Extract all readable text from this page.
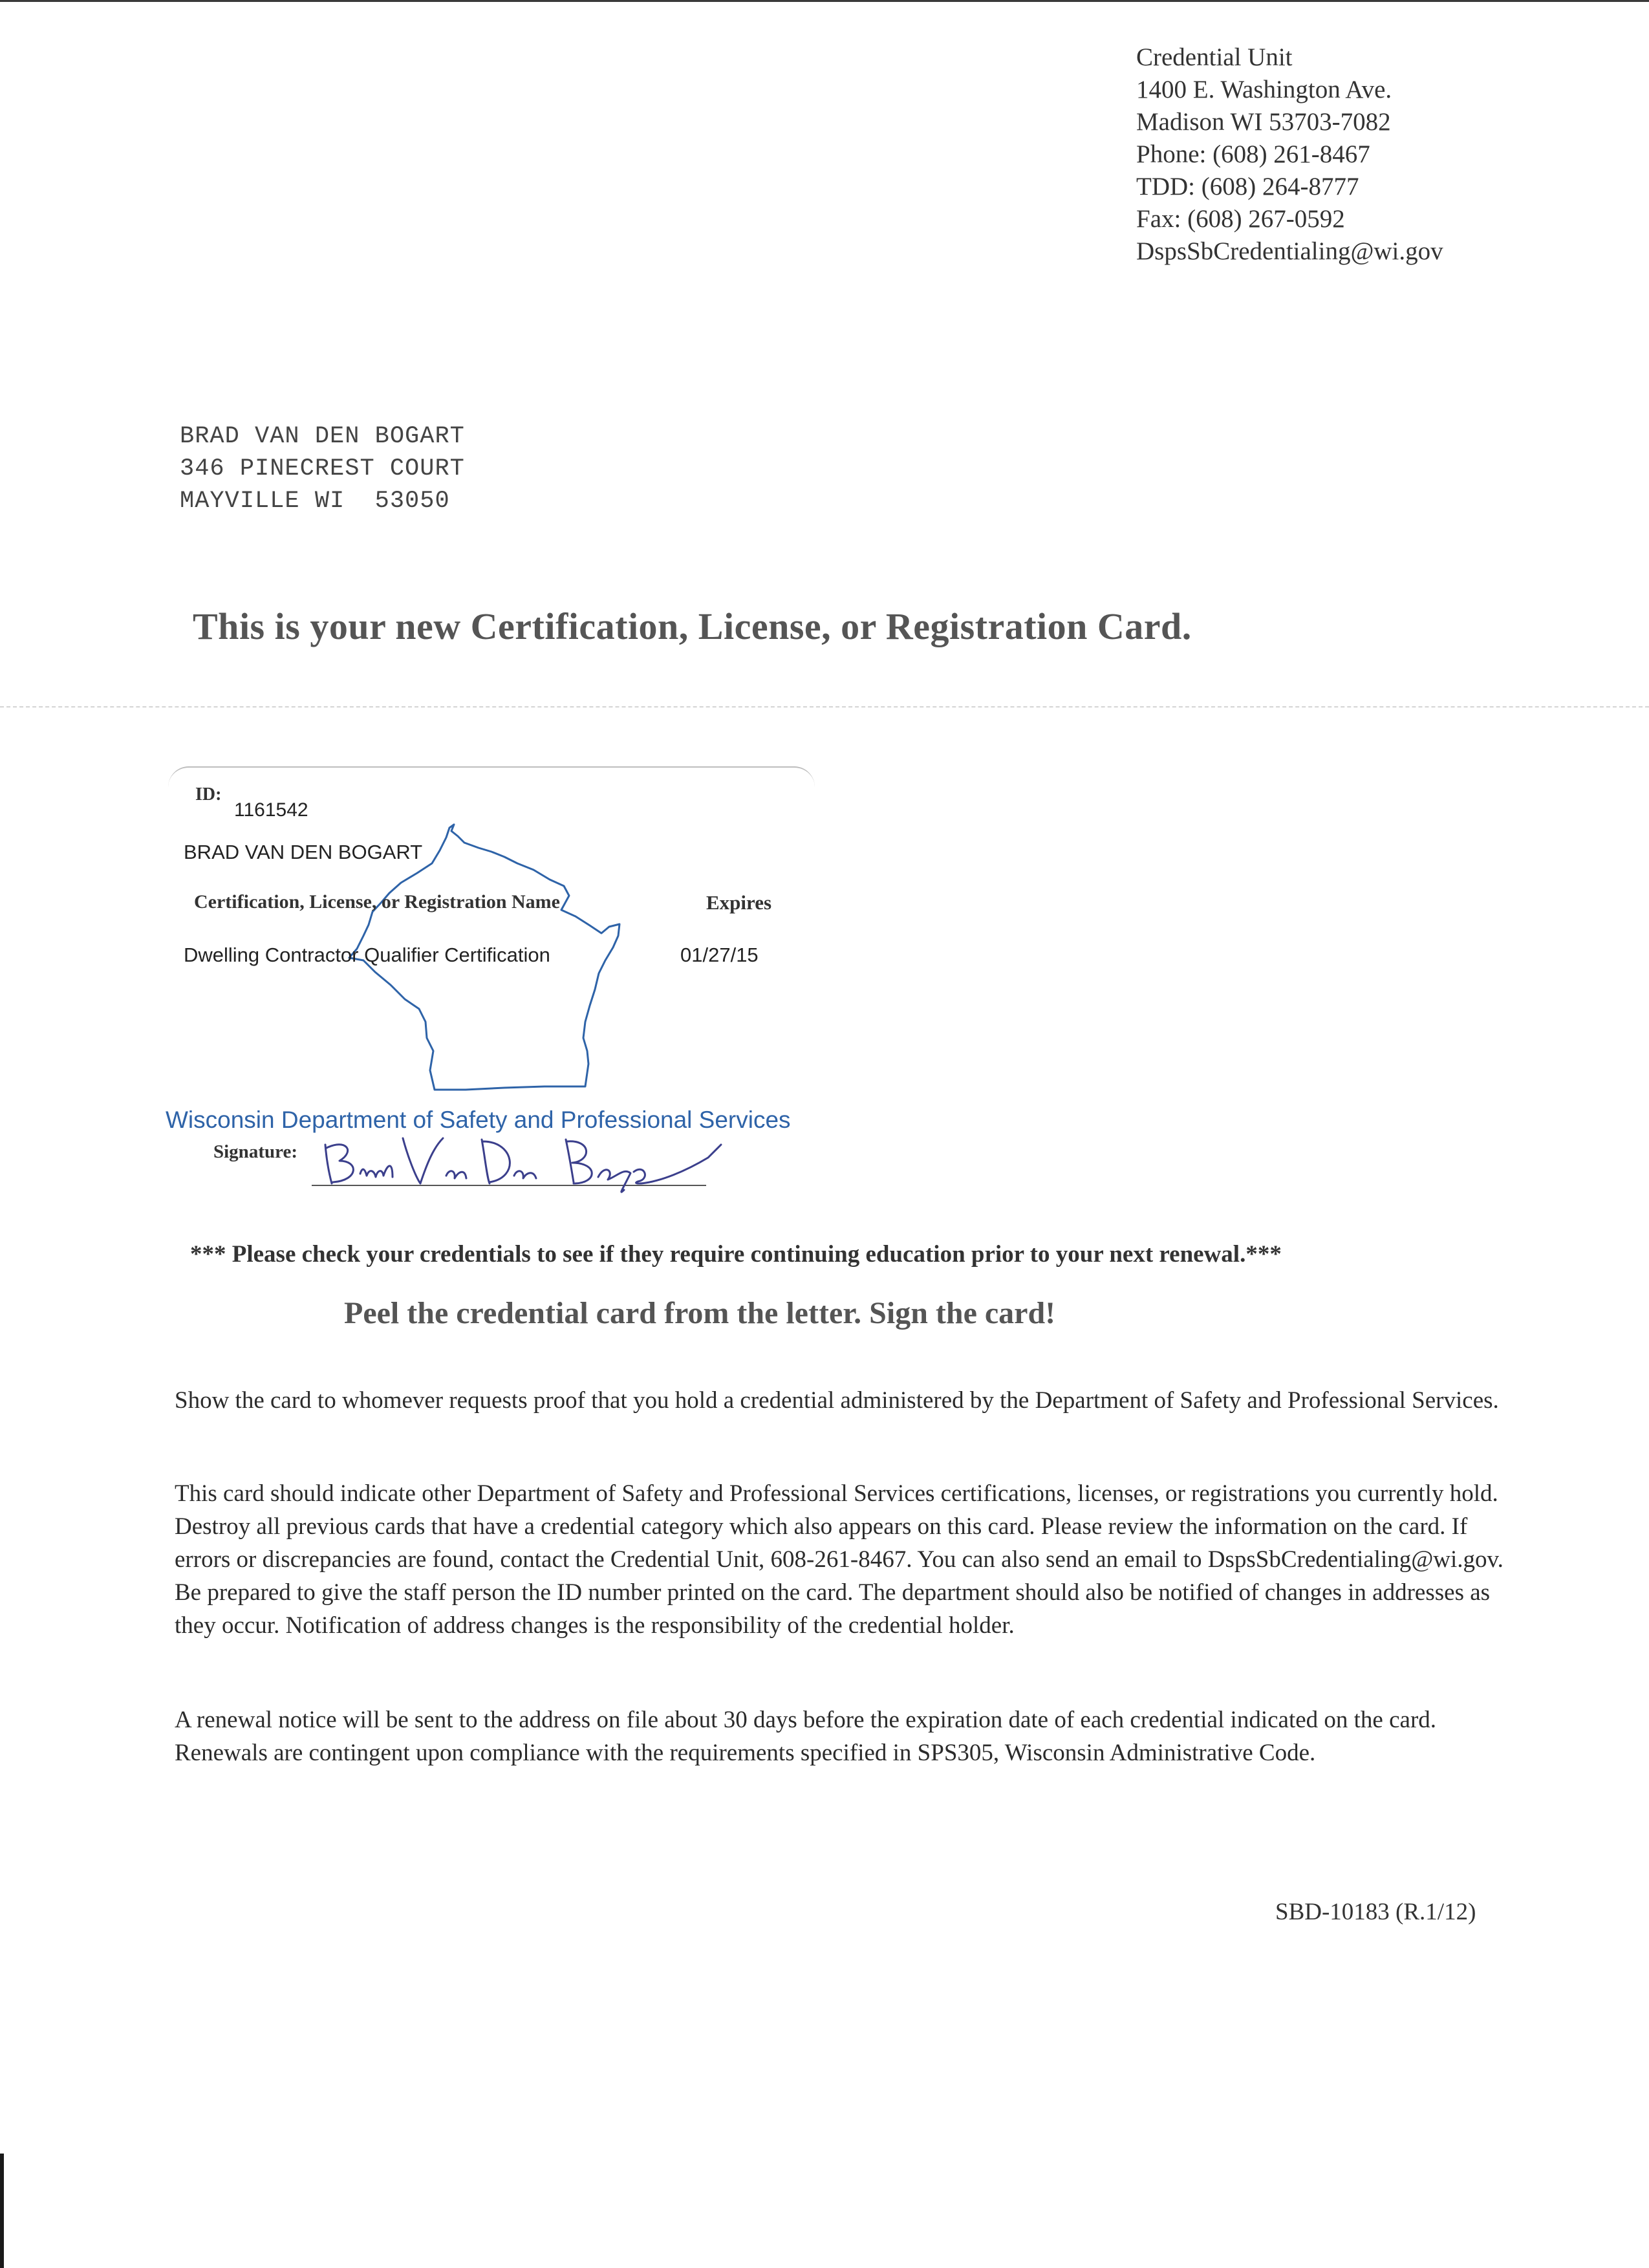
Credential Unit
1400 E. Washington Ave.
Madison WI 53703-7082
Phone: (608) 261-8467
TDD: (608) 264-8777
Fax: (608) 267-0592
DspsSbCredentialing@wi.gov
BRAD VAN DEN BOGART
346 PINECREST COURT
MAYVILLE WI  53050
This is your new Certification, License, or Registration Card.
ID:
1161542
BRAD VAN DEN BOGART
Certification, License, or Registration Name	Expires
Dwelling Contractor Qualifier Certification	01/27/15
Wisconsin Department of Safety and Professional Services
Signature:
*** Please check your credentials to see if they require continuing education prior to your next renewal.***
Peel the credential card from the letter. Sign the card!
Show the card to whomever requests proof that you hold a credential administered by the Department of Safety and Professional Services.
This card should indicate other Department of Safety and Professional Services certifications, licenses, or registrations you currently hold. Destroy all previous cards that have a credential category which also appears on this card. Please review the information on the card. If errors or discrepancies are found, contact the Credential Unit, 608-261-8467. You can also send an email to DspsSbCredentialing@wi.gov. Be prepared to give the staff person the ID number printed on the card. The department should also be notified of changes in addresses as they occur. Notification of address changes is the responsibility of the credential holder.
A renewal notice will be sent to the address on file about 30 days before the expiration date of each credential indicated on the card. Renewals are contingent upon compliance with the requirements specified in SPS305, Wisconsin Administrative Code.
SBD-10183 (R.1/12)
